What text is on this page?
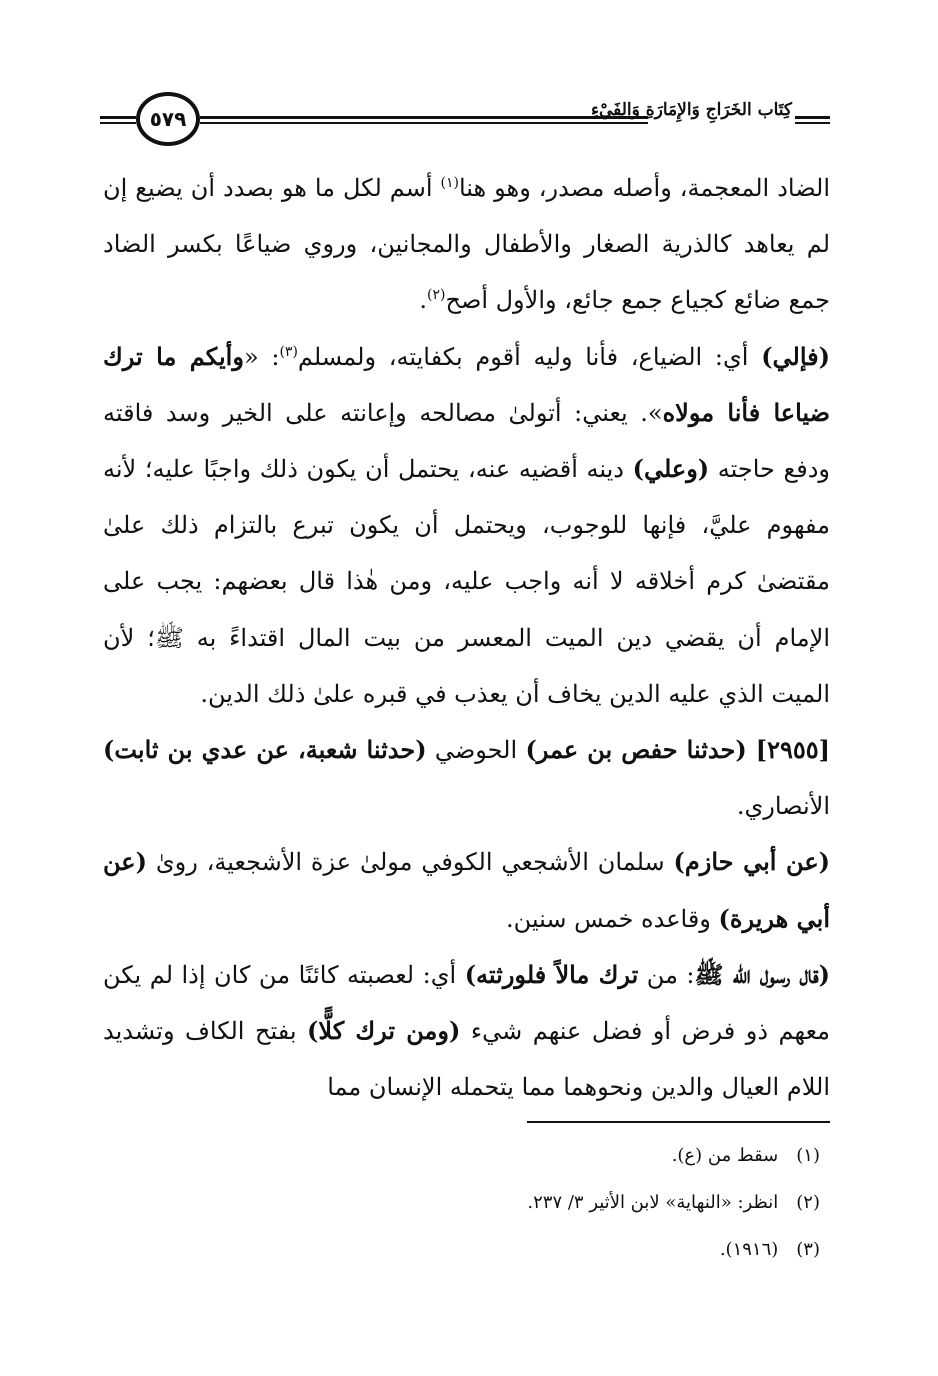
٥٧٩	كِتَاب الخَرَاجِ وَالإِمَارَةِ وَالفَيْءِ

الضاد المعجمة، وأصله مصدر، وهو هنا$^{(١)}$ أسم لكل ما هو بصدد أن يضيع إن لم يعاهد كالذرية الصغار والأطفال والمجانين، وروي ضياعًا بكسر الضاد جمع ضائع كجياع جمع جائع، والأول أصح$^{(٢)}$.

(فإلي) أي: الضياع، فأنا وليه أقوم بكفايته، ولمسلم$^{(٣)}$: «وأيكم ما ترك ضياعا فأنا مولاه». يعني: أتولىٰ مصالحه وإعانته على الخير وسد فاقته ودفع حاجته (وعلي) دينه أقضيه عنه، يحتمل أن يكون ذلك واجبًا عليه؛ لأنه مفهوم عليَّ، فإنها للوجوب، ويحتمل أن يكون تبرع بالتزام ذلك علىٰ مقتضىٰ كرم أخلاقه لا أنه واجب عليه، ومن هٰذا قال بعضهم: يجب على الإمام أن يقضي دين الميت المعسر من بيت المال اقتداءً به ﷺ؛ لأن الميت الذي عليه الدين يخاف أن يعذب في قبره علىٰ ذلك الدين.

[٢٩٥٥] (حدثنا حفص بن عمر) الحوضي (حدثنا شعبة، عن عدي بن ثابت) الأنصاري.

(عن أبي حازم) سلمان الأشجعي الكوفي مولىٰ عزة الأشجعية، روىٰ (عن أبي هريرة) وقاعده خمس سنين.

(قال رسول الله ﷺ: من ترك مالاً فلورثته) أي: لعصبته كائنًا من كان إذا لم يكن معهم ذو فرض أو فضل عنهم شيء (ومن ترك كلًّا) بفتح الكاف وتشديد اللام العيال والدين ونحوهما مما يتحمله الإنسان مما

(١) سقط من (ع).

(٢) انظر: «النهاية» لابن الأثير ٣/ ٢٣٧.

(٣) (١٩١٦).
